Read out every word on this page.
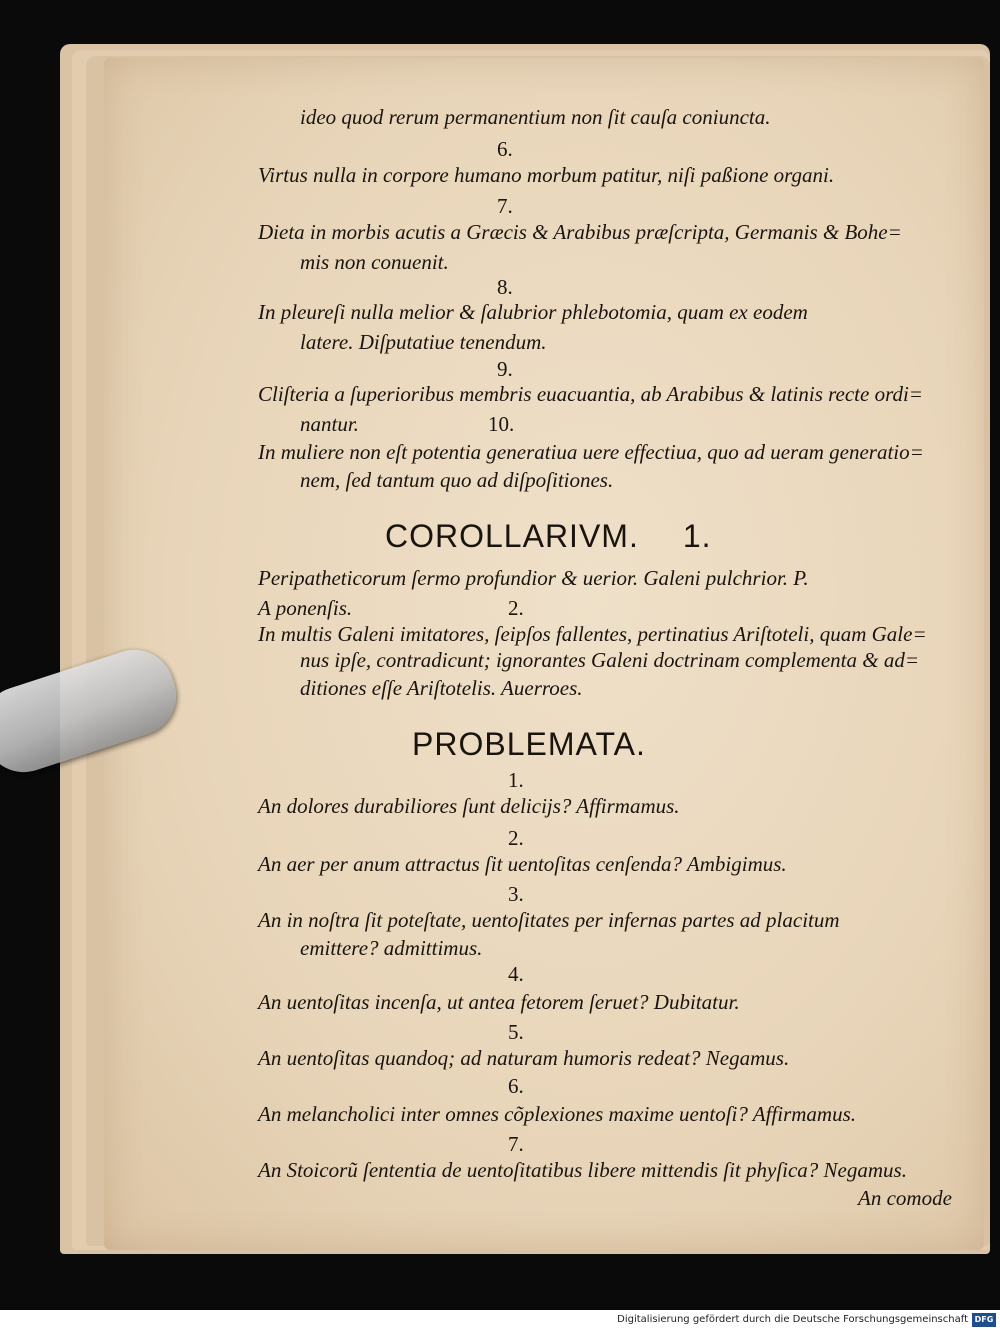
ideo quod rerum permanentium non ſit cauſa coniuncta.
6.
Virtus nulla in corpore humano morbum patitur, niſi paßione organi.
7.
Dieta in morbis acutis a Græcis & Arabibus præſcripta, Germanis & Bohe=
mis non conuenit.
8.
In pleureſi nulla melior & ſalubrior phlebotomia, quam ex eodem
latere. Diſputatiue tenendum.
9.
Cliſteria a ſuperioribus membris euacuantia, ab Arabibus & latinis recte ordi=
nantur.	10.
In muliere non eſt potentia generatiua uere effectiua, quo ad ueram generatio=
nem, ſed tantum quo ad diſpoſitiones.
COROLLARIVM. 1.
Peripatheticorum ſermo profundior & uerior. Galeni pulchrior. P.
A ponenſis.	2.
In multis Galeni imitatores, ſeipſos fallentes, pertinatius Ariſtoteli, quam Gale=
nus ipſe, contradicunt; ignorantes Galeni doctrinam complementa & ad=
ditiones eſſe Ariſtotelis. Auerroes.
PROBLEMATA.
1.
An dolores durabiliores ſunt delicijs? Affirmamus.
2.
An aer per anum attractus ſit uentoſitas cenſenda? Ambigimus.
3.
An in noſtra ſit poteſtate, uentoſitates per infernas partes ad placitum
emittere? admittimus.
4.
An uentoſitas incenſa, ut antea fetorem ſeruet? Dubitatur.
5.
An uentoſitas quandoq; ad naturam humoris redeat? Negamus.
6.
An melancholici inter omnes cõplexiones maxime uentoſi? Affirmamus.
7.
An Stoicorũ ſententia de uentoſitatibus libere mittendis ſit phyſica? Negamus.
An comode
Digitalisierung gefördert durch die Deutsche Forschungsgemeinschaft DFG
